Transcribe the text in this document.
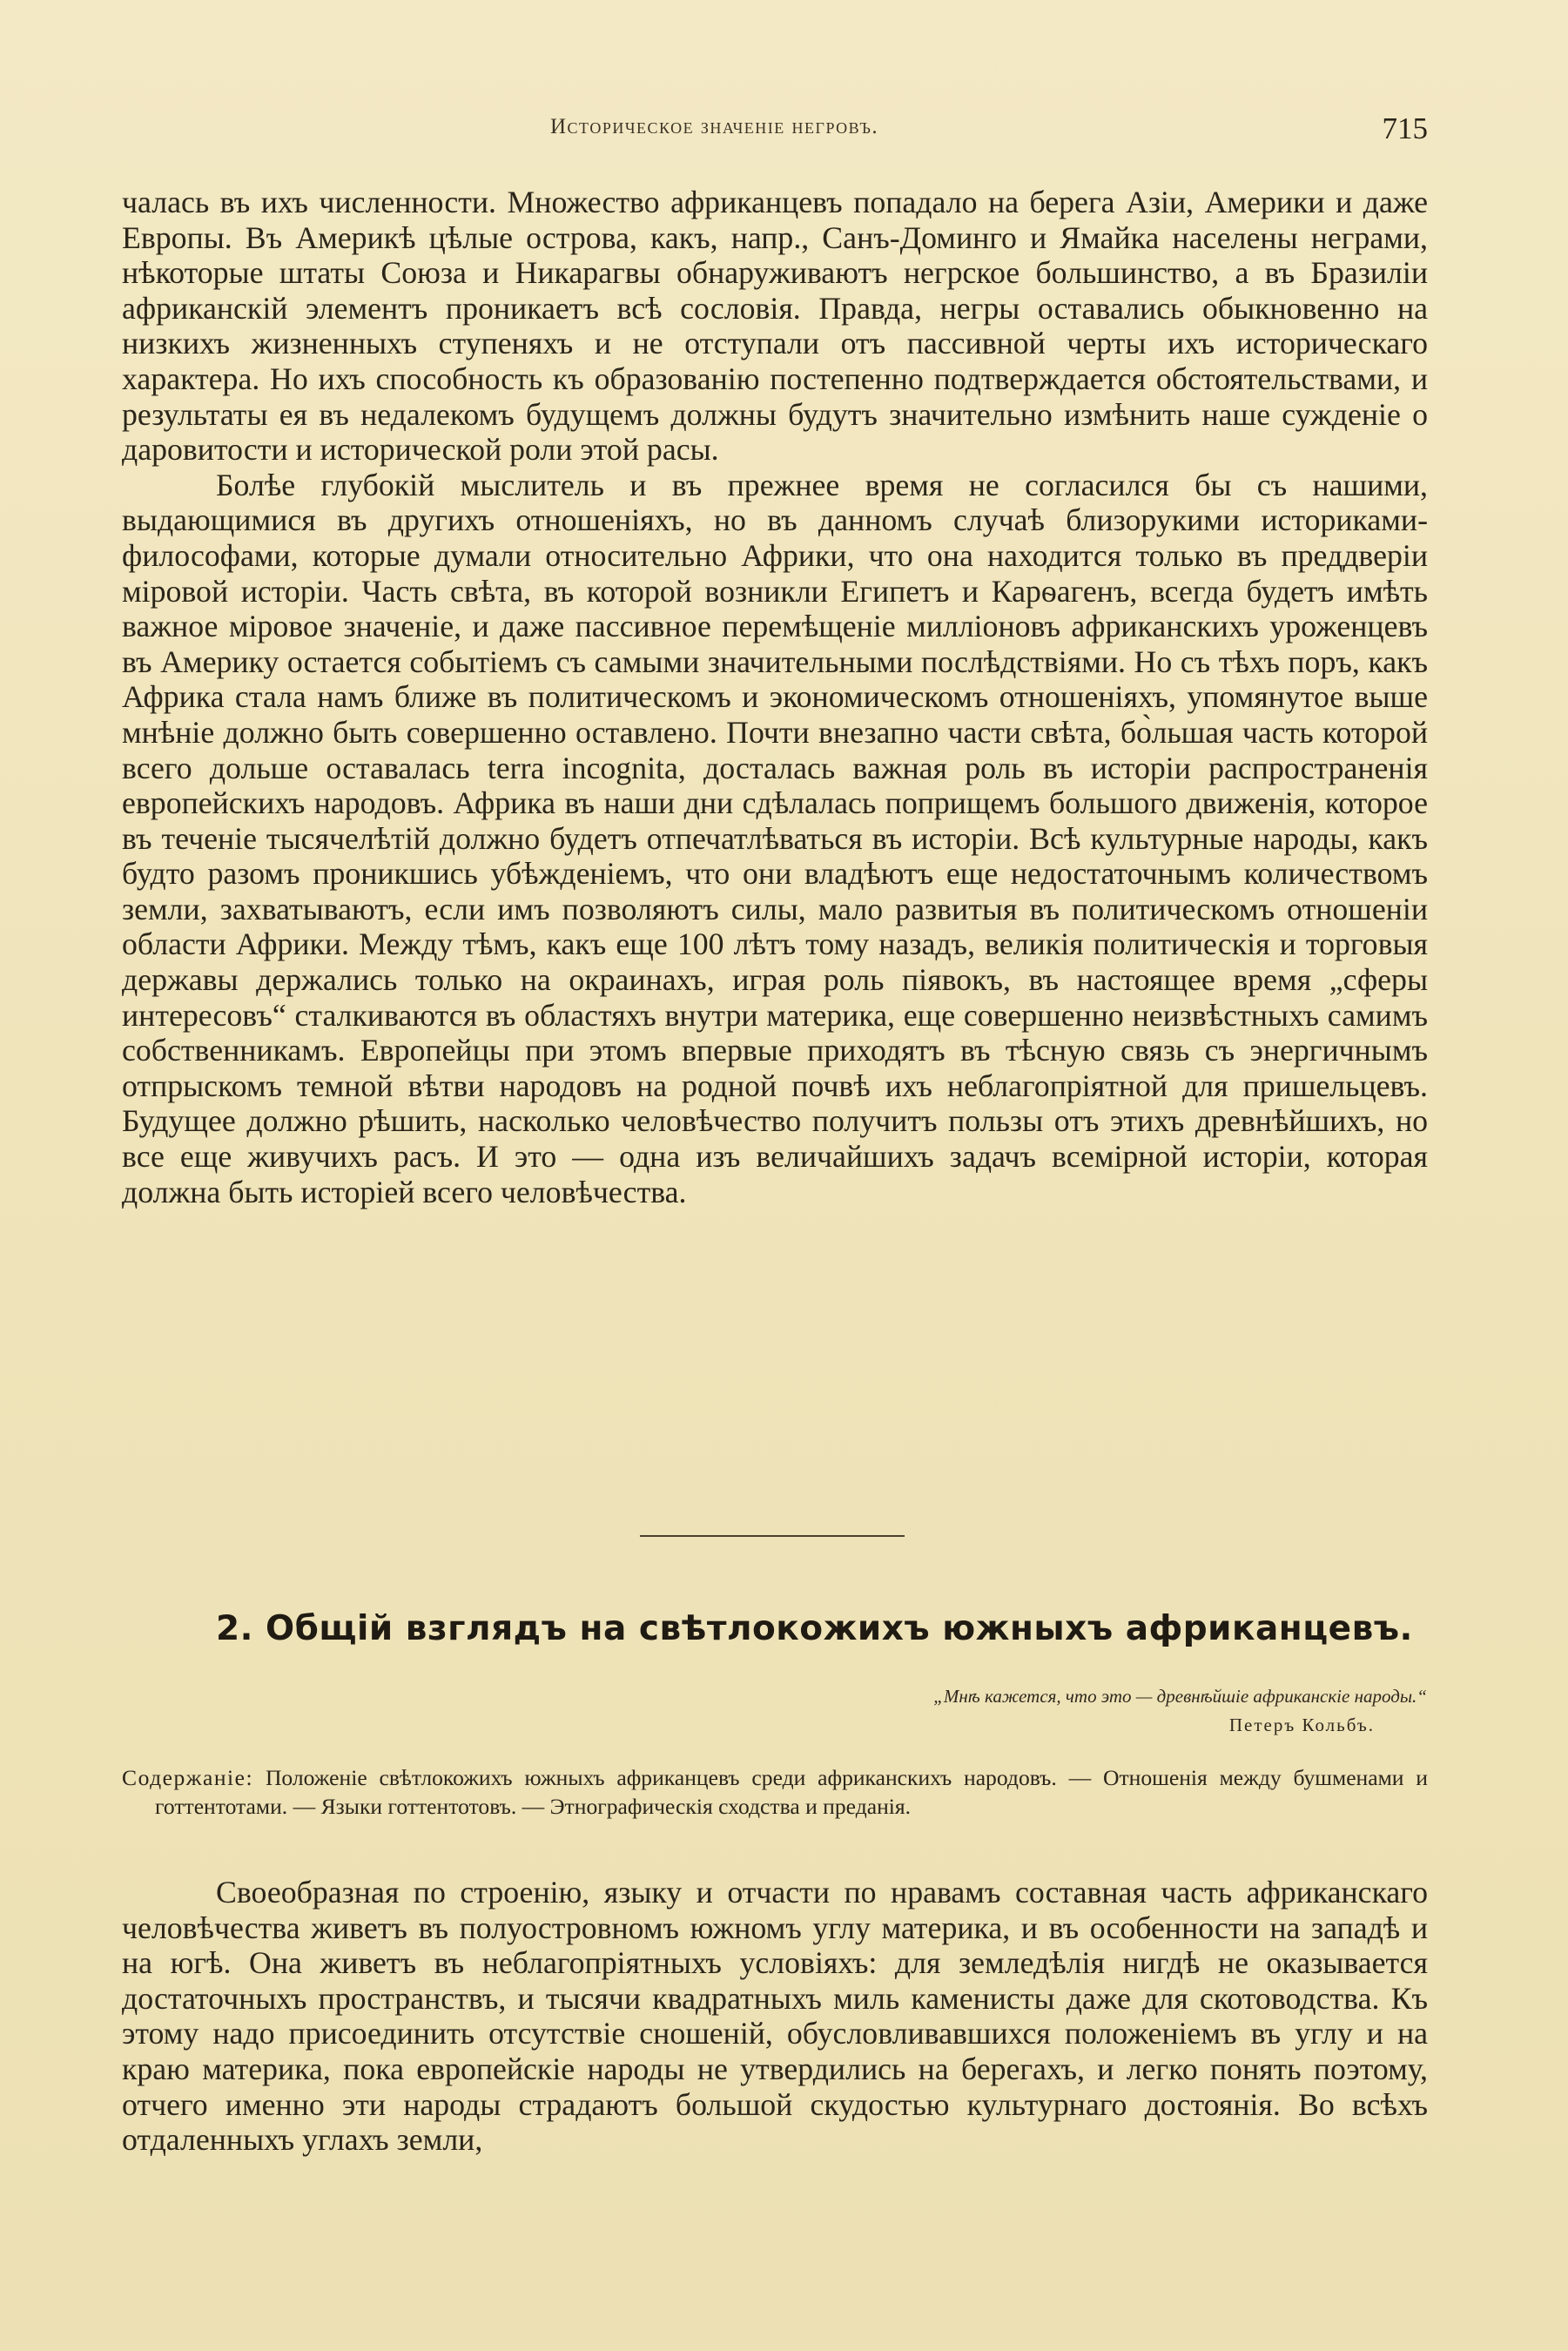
Историческое значеніе негровъ.	715

чалась въ ихъ численности. Множество африканцевъ попадало на берега Азіи, Америки и даже Европы. Въ Америкѣ цѣлые острова, какъ, напр., Санъ-Доминго и Ямайка населены неграми, нѣкоторые штаты Союза и Никарагвы обнаруживаютъ негрское большинство, а въ Бразиліи африканскій элементъ проникаетъ всѣ сословія. Правда, негры оставались обыкновенно на низкихъ жизненныхъ ступеняхъ и не отступали отъ пассивной черты ихъ историческаго характера. Но ихъ способность къ образованію постепенно подтверждается обстоятельствами, и результаты ея въ недалекомъ будущемъ должны будутъ значительно измѣнить наше сужденіе о даровитости и исторической роли этой расы.

Болѣе глубокій мыслитель и въ прежнее время не согласился бы съ нашими, выдающимися въ другихъ отношеніяхъ, но въ данномъ случаѣ близорукими историками-философами, которые думали относительно Африки, что она находится только въ преддверіи міровой исторіи. Часть свѣта, въ которой возникли Египетъ и Карѳагенъ, всегда будетъ имѣть важное міровое значеніе, и даже пассивное перемѣщеніе милліоновъ африканскихъ уроженцевъ въ Америку остается событіемъ съ самыми значительными послѣдствіями. Но съ тѣхъ поръ, какъ Африка стала намъ ближе въ политическомъ и экономическомъ отношеніяхъ, упомянутое выше мнѣніе должно быть совершенно оставлено. Почти внезапно части свѣта, бо̀льшая часть которой всего дольше оставалась terra incognita, досталась важная роль въ исторіи распространенія европейскихъ народовъ. Африка въ наши дни сдѣлалась поприщемъ большого движенія, которое въ теченіе тысячелѣтій должно будетъ отпечатлѣваться въ исторіи. Всѣ культурные народы, какъ будто разомъ проникшись убѣжденіемъ, что они владѣютъ еще недостаточнымъ количествомъ земли, захватываютъ, если имъ позволяютъ силы, мало развитыя въ политическомъ отношеніи области Африки. Между тѣмъ, какъ еще 100 лѣтъ тому назадъ, великія политическія и торговыя державы держались только на окраинахъ, играя роль піявокъ, въ настоящее время „сферы интересовъ“ сталкиваются въ областяхъ внутри материка, еще совершенно неизвѣстныхъ самимъ собственникамъ. Европейцы при этомъ впервые приходятъ въ тѣсную связь съ энергичнымъ отпрыскомъ темной вѣтви народовъ на родной почвѣ ихъ неблагопріятной для пришельцевъ. Будущее должно рѣшить, насколько человѣчество получитъ пользы отъ этихъ древнѣйшихъ, но все еще живучихъ расъ. И это — одна изъ величайшихъ задачъ всемірной исторіи, которая должна быть исторіей всего человѣчества.

2. Общій взглядъ на свѣтлокожихъ южныхъ африканцевъ.
„Мнѣ кажется, что это — древнѣйшіе африканскіе народы.“
Петеръ Кольбъ.

Содержаніе: Положеніе свѣтлокожихъ южныхъ африканцевъ среди африканскихъ народовъ. — Отношенія между бушменами и готтентотами. — Языки готтентотовъ. — Этнографическія сходства и преданія.

Своеобразная по строенію, языку и отчасти по нравамъ составная часть африканскаго человѣчества живетъ въ полуостровномъ южномъ углу материка, и въ особенности на западѣ и на югѣ. Она живетъ въ неблагопріятныхъ условіяхъ: для земледѣлія нигдѣ не оказывается достаточныхъ пространствъ, и тысячи квадратныхъ миль каменисты даже для скотоводства. Къ этому надо присоединить отсутствіе сношеній, обусловливавшихся положеніемъ въ углу и на краю материка, пока европейскіе народы не утвердились на берегахъ, и легко понять поэтому, отчего именно эти народы страдаютъ большой скудостью культурнаго достоянія. Во всѣхъ отдаленныхъ углахъ земли,
